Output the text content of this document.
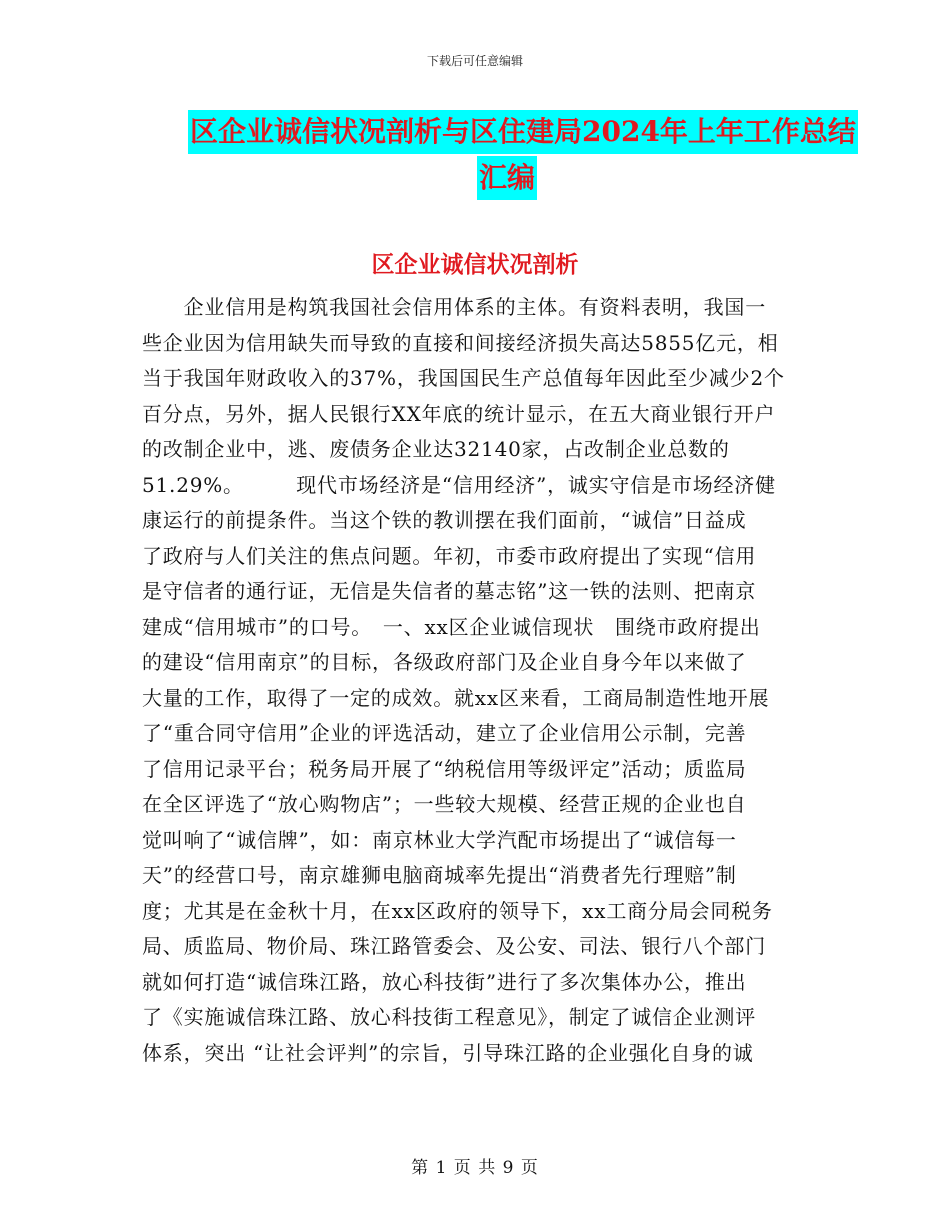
下载后可任意编辑
区企业诚信状况剖析与区住建局2024年上年工作总结
汇编
区企业诚信状况剖析
　　企业信用是构筑我国社会信用体系的主体。有资料表明，我国一
些企业因为信用缺失而导致的直接和间接经济损失高达5855亿元，相
当于我国年财政收入的37%，我国国民生产总值每年因此至少减少2个
百分点，另外，据人民银行XX年底的统计显示，在五大商业银行开户
的改制企业中，逃、废债务企业达32140家，占改制企业总数的
51.29%。　　　现代市场经济是“信用经济”，诚实守信是市场经济健
康运行的前提条件。当这个铁的教训摆在我们面前，“诚信”日益成
了政府与人们关注的焦点问题。年初，市委市政府提出了实现“信用
是守信者的通行证，无信是失信者的墓志铭”这一铁的法则、把南京
建成“信用城市”的口号。　一、xx区企业诚信现状　围绕市政府提出
的建设“信用南京”的目标，各级政府部门及企业自身今年以来做了
大量的工作，取得了一定的成效。就xx区来看，工商局制造性地开展
了“重合同守信用”企业的评选活动，建立了企业信用公示制，完善
了信用记录平台；税务局开展了“纳税信用等级评定”活动；质监局
在全区评选了“放心购物店”；一些较大规模、经营正规的企业也自
觉叫响了“诚信牌”，如：南京林业大学汽配市场提出了“诚信每一
天”的经营口号，南京雄狮电脑商城率先提出“消费者先行理赔”制
度；尤其是在金秋十月，在xx区政府的领导下，xx工商分局会同税务
局、质监局、物价局、珠江路管委会、及公安、司法、银行八个部门
就如何打造“诚信珠江路，放心科技街”进行了多次集体办公，推出
了《实施诚信珠江路、放心科技街工程意见》，制定了诚信企业测评
体系，突出 “让社会评判”的宗旨，引导珠江路的企业强化自身的诚
第 1 页 共 9 页
